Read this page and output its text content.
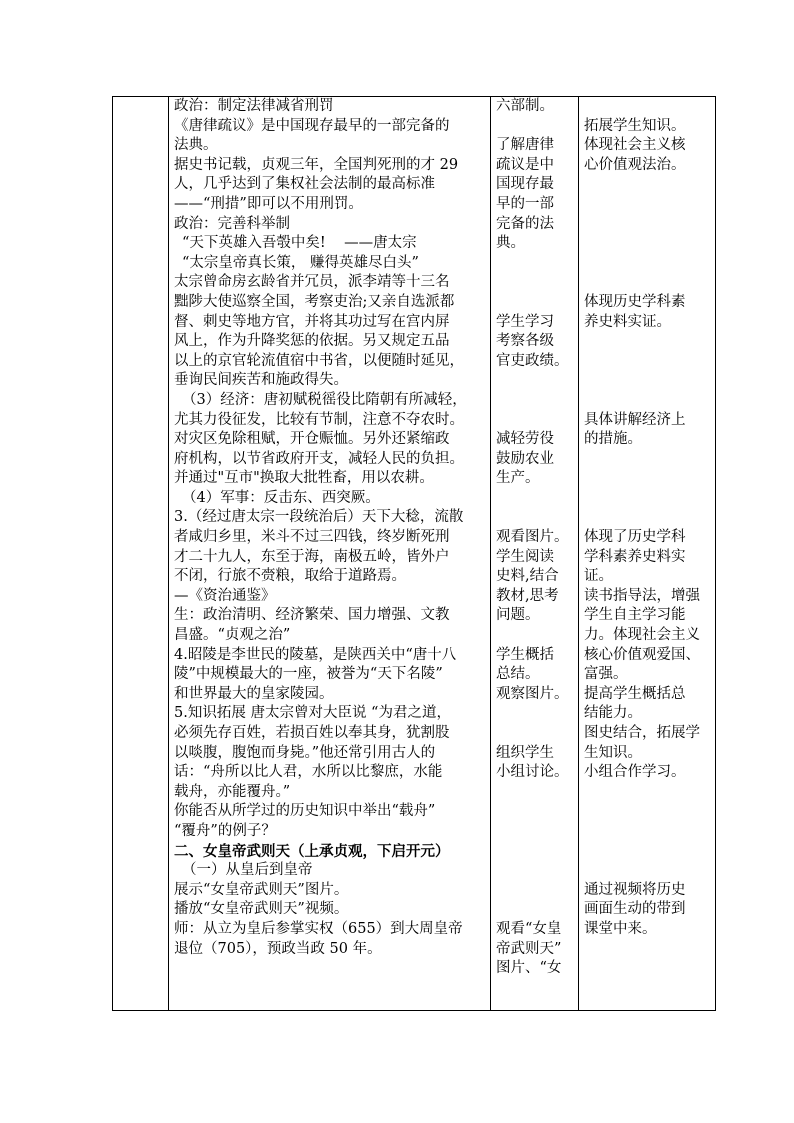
政治：制定法律减省刑罚

《唐律疏议》是中国现存最早的一部完备的

法典。

据史书记载，贞观三年，全国判死刑的才 29

人，几乎达到了集权社会法制的最高标准

——“刑措”即可以不用刑罚。

政治：完善科举制

“天下英雄入吾彀中矣!    ——唐太宗

“太宗皇帝真长策， 赚得英雄尽白头”

太宗曾命房玄龄省并冗员，派李靖等十三名

黜陟大使巡察全国，考察吏治;又亲自选派都

督、刺史等地方官，并将其功过写在宫内屏

风上，作为升降奖惩的依据。另又规定五品

以上的京官轮流值宿中书省，以便随时延见，

垂询民间疾苦和施政得失。

（3）经济：唐初赋税徭役比隋朝有所减轻，

尤其力役征发，比较有节制，注意不夺农时。

对灾区免除租赋，开仓赈恤。另外还紧缩政

府机构，以节省政府开支，减轻人民的负担。

并通过"互市"换取大批牲畜，用以农耕。

（4）军事：反击东、西突厥。

3.（经过唐太宗一段统治后）天下大稔，流散

者咸归乡里，米斗不过三四钱，终岁断死刑

才二十九人，东至于海，南极五岭，皆外户

不闭，行旅不赍粮，取给于道路焉。

—《资治通鉴》

生：政治清明、经济繁荣、国力增强、文教

昌盛。“贞观之治”

4.昭陵是李世民的陵墓，是陕西关中“唐十八

陵”中规模最大的一座，被誉为“天下名陵”

和世界最大的皇家陵园。

5.知识拓展 唐太宗曾对大臣说 “为君之道，

必须先存百姓，若损百姓以奉其身，犹割股

以啖腹，腹饱而身毙。”他还常引用古人的

话：“舟所以比人君，水所以比黎庶，水能

载舟，亦能覆舟。”

你能否从所学过的历史知识中举出“载舟”

“覆舟”的例子？

二、女皇帝武则天（上承贞观，下启开元）

（一）从皇后到皇帝

展示“女皇帝武则天”图片。

播放“女皇帝武则天”视频。

师：从立为皇后参掌实权（655）到大周皇帝

退位（705），预政当政 50 年。

六部制。

了解唐律

疏议是中

国现存最

早的一部

完备的法

典。

学生学习

考察各级

官吏政绩。

减轻劳役

鼓励农业

生产。

观看图片。

学生阅读

史料,结合

教材,思考

问题。

学生概括

总结。

观察图片。

组织学生

小组讨论。

观看“女皇

帝武则天”

图片、“女

拓展学生知识。

体现社会主义核

心价值观法治。

体现历史学科素

养史料实证。

具体讲解经济上

的措施。

体现了历史学科

学科素养史料实

证。

读书指导法，增强

学生自主学习能

力。体现社会主义

核心价值观爱国、

富强。

提高学生概括总

结能力。

图史结合，拓展学

生知识。

小组合作学习。

通过视频将历史

画面生动的带到

课堂中来。
